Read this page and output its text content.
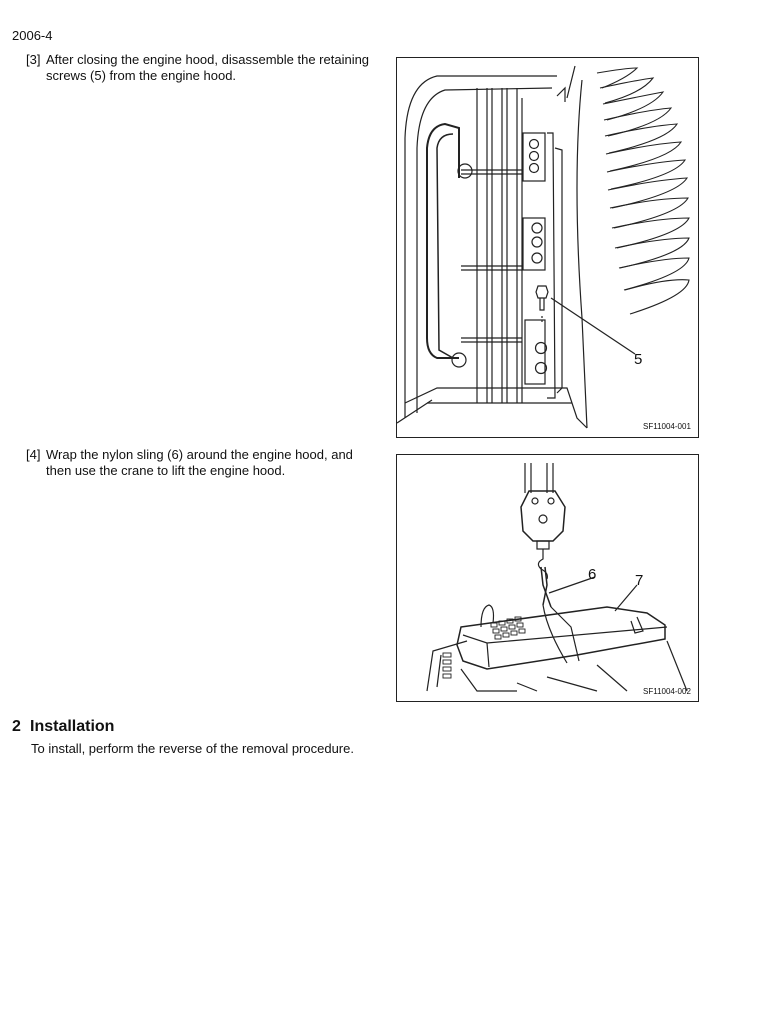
2006-4
[3] After closing the engine hood, disassemble the retaining screws (5) from the engine hood.
5
SF11004-001
[4] Wrap the nylon sling (6) around the engine hood, and then use the crane to lift the engine hood.
6	7
SF11004-002
2 Installation
To install, perform the reverse of the removal procedure.
